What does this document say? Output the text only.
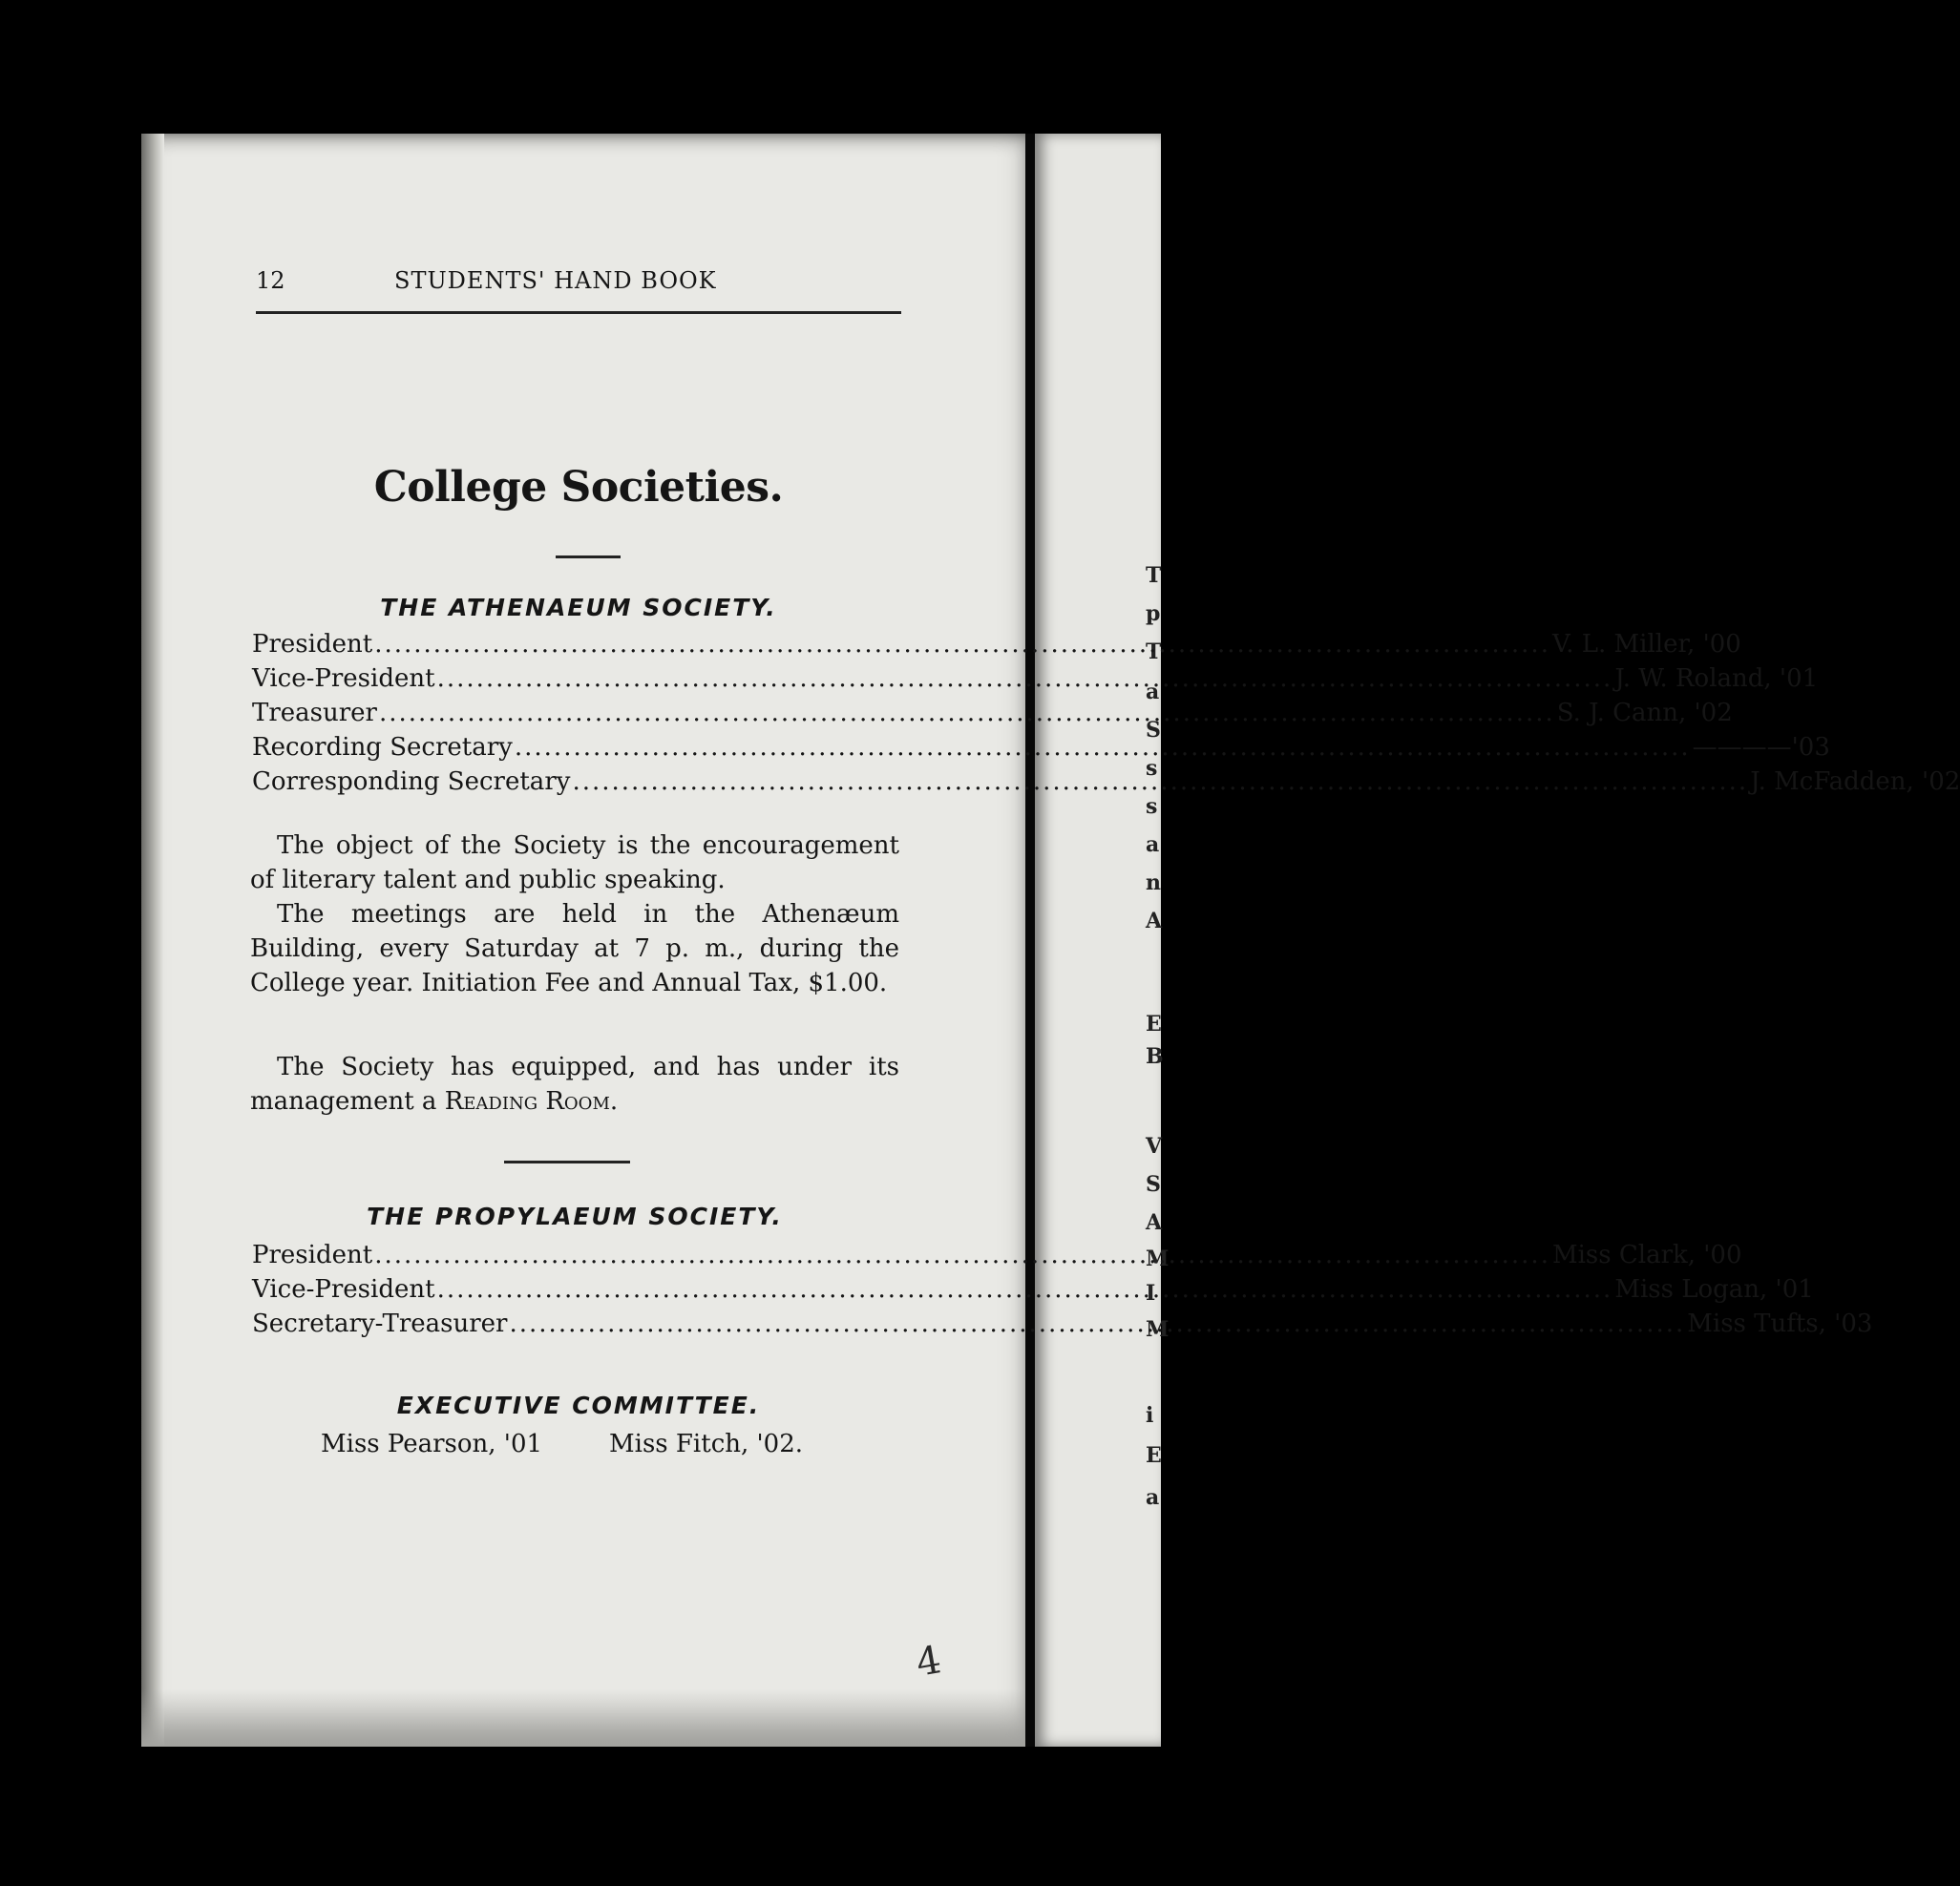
T
p
T
a
S
s
s
a
n
A
E
B
V
S
A
M
I
M
i
E
a
12	STUDENTS' HAND BOOK
College Societies.
THE ATHENAEUM SOCIETY.
President .....	V. L. Miller, '00
Vice-President .....	J. W. Roland, '01
Treasurer .....	S. J. Cann, '02
Recording Secretary .....	————'03
Corresponding Secretary .....	J. McFadden, '02
The object of the Society is the encouragement of literary talent and public speaking.
The meetings are held in the Athenæum Building, every Saturday at 7 p. m., during the College year. Initiation Fee and Annual Tax, $1.00.
The Society has equipped, and has under its management a Reading Room.
THE PROPYLAEUM SOCIETY.
President .....	Miss Clark, '00
Vice-President .....	Miss Logan, '01
Secretary-Treasurer .....	Miss Tufts, '03
EXECUTIVE COMMITTEE.
Miss Pearson, '01	Miss Fitch, '02.
4
